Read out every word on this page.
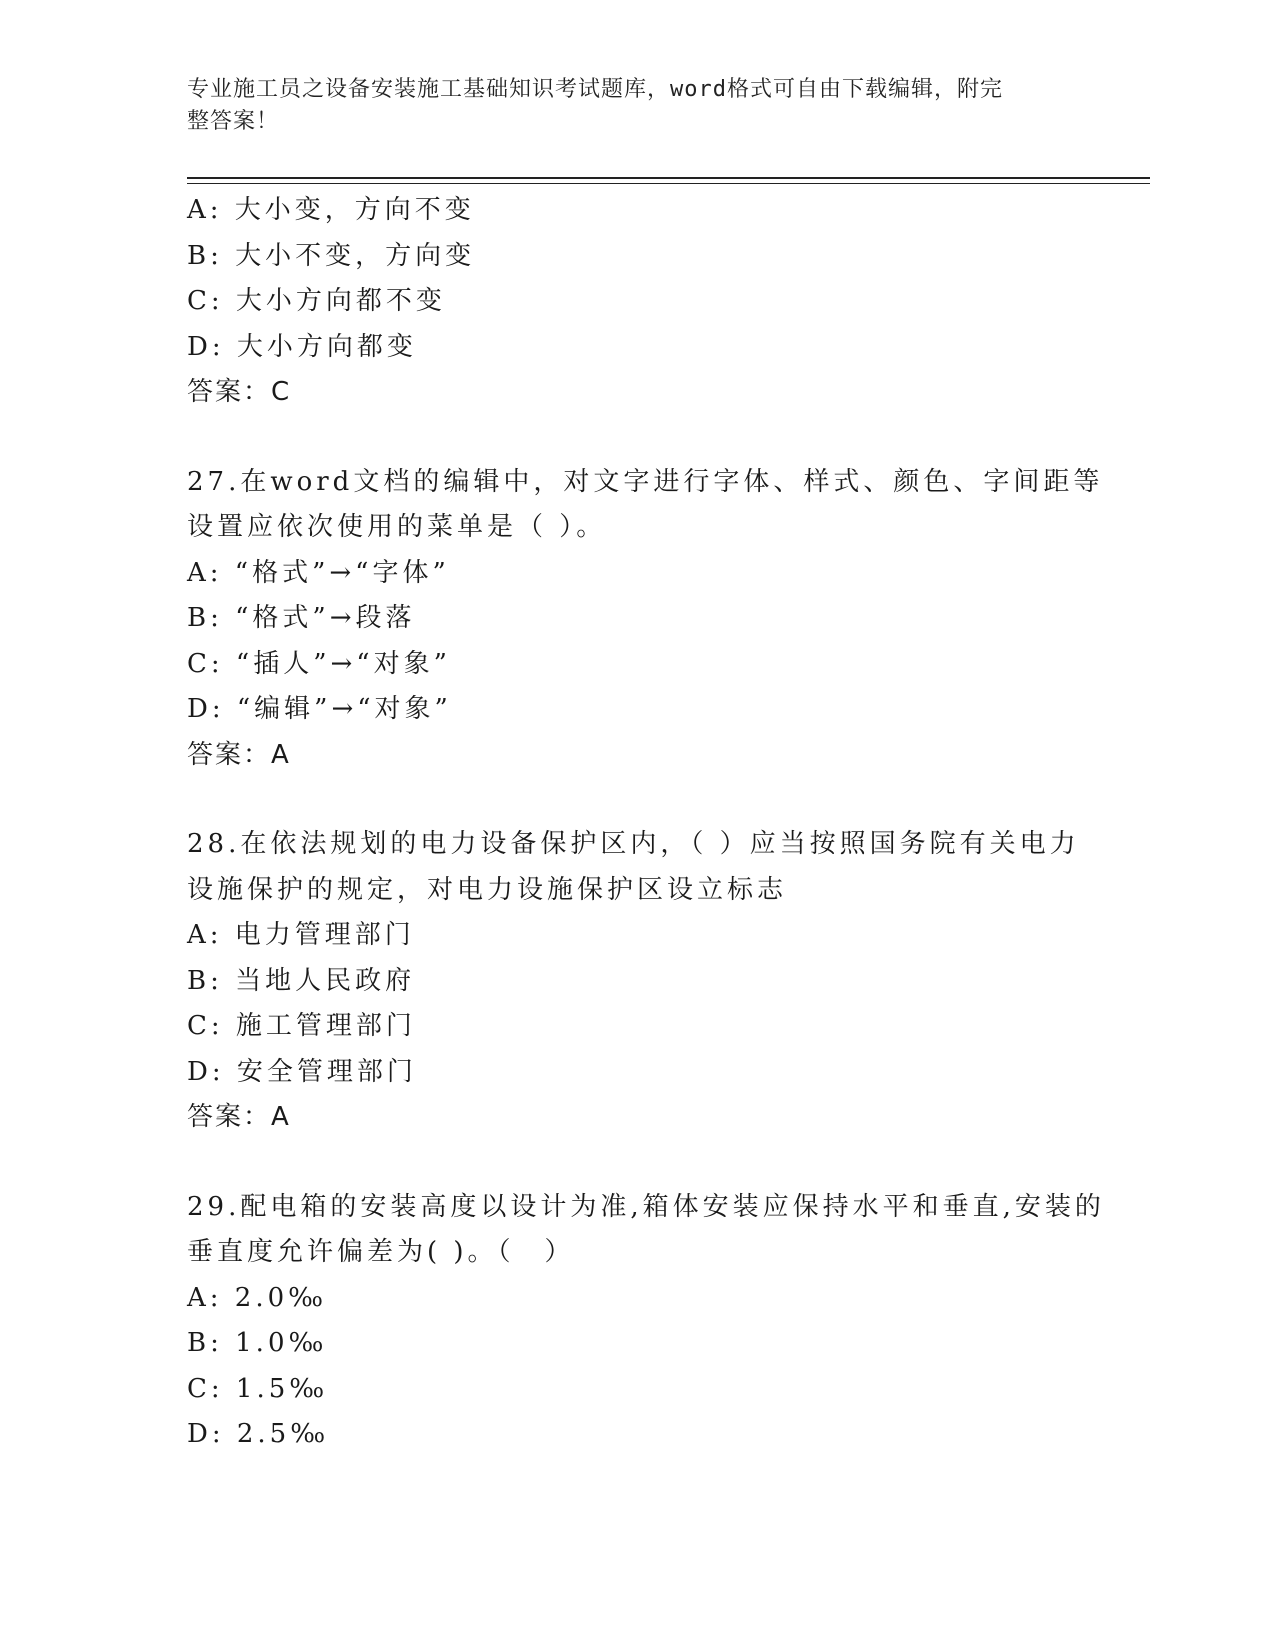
专业施工员之设备安装施工基础知识考试题库，word格式可自由下载编辑，附完
整答案！
A: 大小变，方向不变
B: 大小不变，方向变
C: 大小方向都不变
D: 大小方向都变
答案：C
27.在word文档的编辑中，对文字进行字体、样式、颜色、字间距等
设置应依次使用的菜单是（ ）。
A: “格式”→“字体”
B: “格式”→段落
C: “插人”→“对象”
D: “编辑”→“对象”
答案：A
28.在依法规划的电力设备保护区内，（ ）应当按照国务院有关电力
设施保护的规定，对电力设施保护区设立标志
A: 电力管理部门
B: 当地人民政府
C: 施工管理部门
D: 安全管理部门
答案：A
29.配电箱的安装高度以设计为准,箱体安装应保持水平和垂直,安装的
垂直度允许偏差为( )。（　）
A: 2.0‰
B: 1.0‰
C: 1.5‰
D: 2.5‰
